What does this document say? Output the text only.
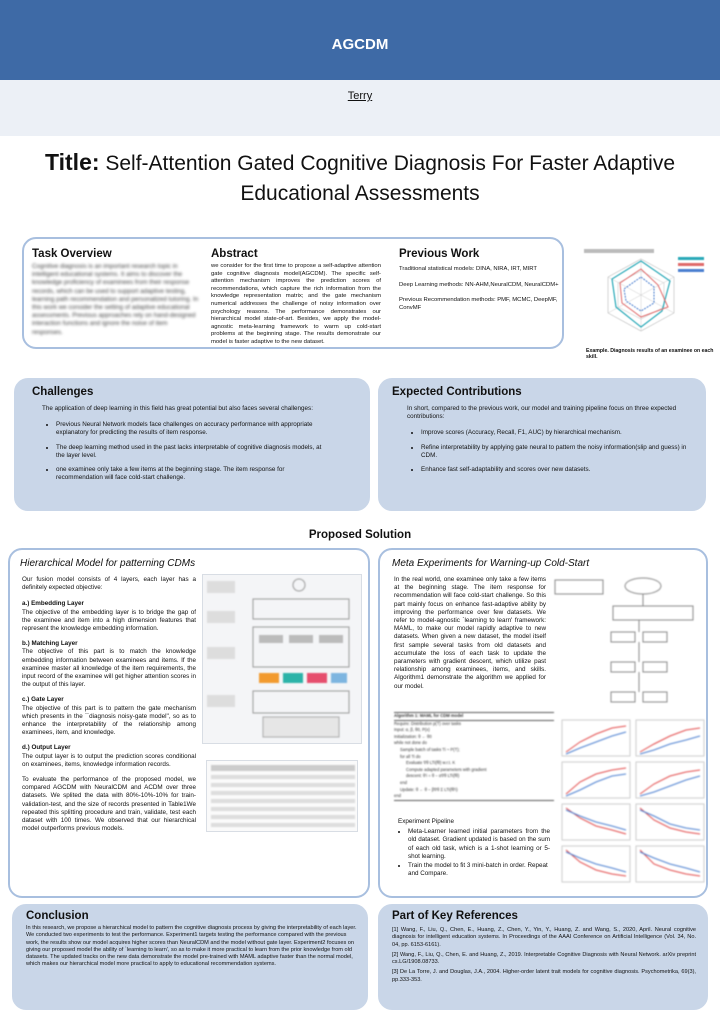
AGCDM
Terry
Title: Self-Attention Gated Cognitive Diagnosis For Faster Adaptive Educational Assessments
Task Overview
Cognitive diagnosis is an important research topic in intelligent educational systems. It aims to discover the knowledge proficiency of examinees from their response records, which can be used to support adaptive testing, learning path recommendation and personalized tutoring. In this work we consider the setting of adaptive educational assessments. Previous approaches rely on hand-designed interaction functions and ignore the noise of item responses.
Abstract
we consider for the first time to propose a self-adaptive attention gate cognitive diagnosis model(AGCDM). The specific self-attention mechanism improves the prediction scores of recommendations, which capture the rich information from the knowledge representation matrix; and the gate mechanism numerical addresses the challenge of noisy information over psychology reasons. The performance demonstrates our hierarchical model state-of-art. Besides, we apply the model-agnostic meta-learning framework to warm up cold-start problems at the beginning stage. The results demonstrate our model is faster adaptive to the new dataset.
Previous Work

Traditional statistical models: DINA, NIRA, IRT, MIRT

Deep Learning methods: NN-AHM,NeuralCDM, NeuralCDM+

Previous Recommendation methods: PMF, MCMC, DeepMF, ConvMF

Example. Diagnosis results of an examinee on each skill.
Challenges

The application of deep learning in this field has great potential but also faces several challenges:

• Previous Neural Network models face challenges on accuracy performance with appropriate explanatory for predicting the results of item response.
• The deep learning method used in the past lacks interpretable of cognitive diagnosis models, at the layer level.
• one examinee only take a few items at the beginning stage. The item response for recommendation will face cold-start challenge.
Expected Contributions

In short, compared to the previous work, our model and training pipeline focus on three expected contributions:

• Improve scores (Accuracy, Recall, F1, AUC) by hierarchical mechanism.
• Refine interpretability by applying gate neural to pattern the noisy information(slip and guess) in CDM.
• Enhance fast self-adaptability and scores over new datasets.
Proposed Solution
Hierarchical Model for patterning CDMs

Our fusion model consists of 4 layers, each layer has a definitely expected objective:

a.) Embedding Layer

The objective of the embedding layer is to bridge the gap of the examinee and item into a high dimension features that represent the knowledge embedding information.

b.) Matching Layer

The objective of this part is to match the knowledge embedding information between examinees and items. If the examinee master all knowledge of the item requirements, the input record of the examinee will get higher attention scores in the output of this layer.

c.) Gate Layer

The objective of this part is to pattern the gate mechanism which presents in the ``diagnosis noisy-gate model'', so as to enhance the interpretability of the relationship among examinees, item, and knowledge.

d.) Output Layer

The output layer is to output the prediction scores conditional on examinees, items, knowledge information records.

To evaluate the performance of the proposed model, we compared AGCDM with NeuralCDM and ACDM over three datasets. We splited the data with 80%-10%-10% for train-validation-test, and the size of records presented in Table1We repeated this splitting procedure and train, validate, test each dataset with 100 times. We observed that our hierarchical model outperforms previous models.

Meta Experiments for Warning-up Cold-Start
In the real world, one examinee only take a few items at the beginning stage. The item response for recommendation will face cold-start challenge. So this part mainly focus on enhance fast-adaptive ability by improving the performance over few datasets. We refer to model-agnostic `learning to learn' framework: MAML, to make our model rapidly adaptive to new datasets. When given a new dataset, the model itself first sample several tasks from old datasets and accumulate the loss of each task to update the parameters with gradient descent, which utilize past relationship among examinees, items, and skills. Algorithm1 demonstrate the algorithm we applied for our model.
Algorithm 1: MAML for CDM model
Require: Distribution p(T) over tasks
Input: α, β, θ0, P(x)
Initialization: θ ← θ0
while not done do
Sample batch of tasks Ti ~ P(T);
for all Ti do
Evaluate ∇θ LTi(fθ) w.r.t. K
Compute adapted parameters with gradient
descent: θ'i = θ − α∇θ LTi(fθ)
end
Update: θ ← θ − β∇θ Σ LTi(fθ'i)
end

Experiment Pipeline

• Meta-Learner learned initial parameters from the old dataset. Gradient updated is based on the sum of each old task, which is a 1-shot learning or 5-shot learning.
• Train the model to fit 3 mini-batch in order. Repeat and Compare.
Conclusion
In this research, we propose a hierarchical model to pattern the cognitive diagnosis process by giving the interpretability of each layer. We conducted two experiments to test the performance. Experiment1 targets testing the performance compared with the previous work, the results show our model acquires higher scores than NeuralCDM and the model without gate layer. Experiment2 focuses on giving our proposed model the ability of `learning to learn', so as to make it more practical to learn from the prior knowledge from old datasets. The updated tracks on the new data demonstrate the model pre-trained with MAML adaptive faster than the normal model, which makes our hierarchical model more practical to apply to educational recommendation systems.
Part of Key References

[1] Wang, F., Liu, Q., Chen, E., Huang, Z., Chen, Y., Yin, Y., Huang, Z. and Wang, S., 2020, April. Neural cognitive diagnosis for intelligent education systems. In Proceedings of the AAAI Conference on Artificial Intelligence (Vol. 34, No. 04, pp. 6153-6161).

[2] Wang, F., Liu, Q., Chen, E. and Huang, Z., 2019. Interpretable Cognitive Diagnosis with Neural Network. arXiv preprint cs.LG/1908.08733.

[3] De La Torre, J. and Douglas, J.A., 2004. Higher-order latent trait models for cognitive diagnosis. Psychometrika, 69(3), pp.333-353.
